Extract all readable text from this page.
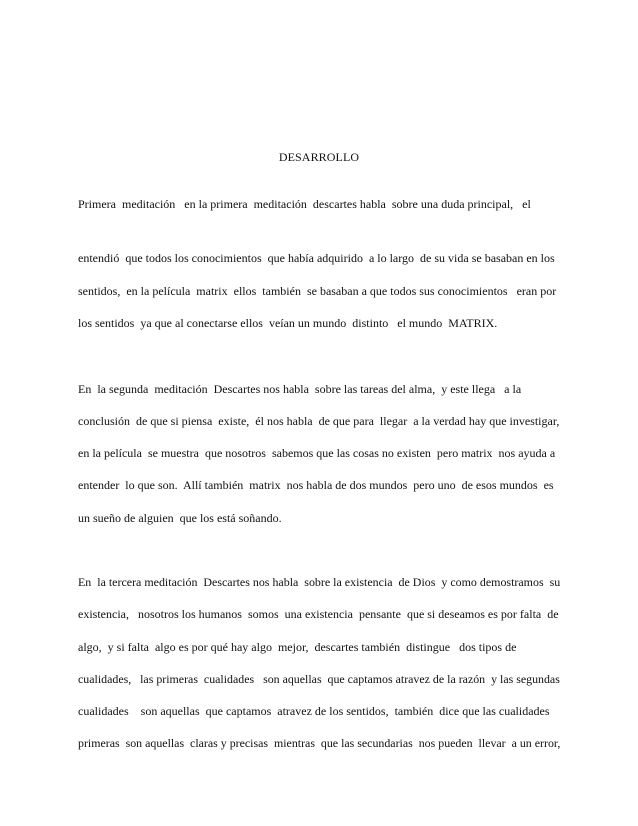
DESARROLLO
Primera  meditación   en la primera  meditación  descartes habla  sobre una duda principal,   el
entendió  que todos los conocimientos  que había adquirido  a lo largo  de su vida se basaban en los
sentidos,  en la película  matrix  ellos  también  se basaban a que todos sus conocimientos   eran por
los sentidos  ya que al conectarse ellos  veían un mundo  distinto   el mundo  MATRIX.
En  la segunda  meditación  Descartes nos habla  sobre las tareas del alma,  y este llega   a la
conclusión  de que si piensa  existe,  él nos habla  de que para  llegar  a la verdad hay que investigar,
en la película  se muestra  que nosotros  sabemos que las cosas no existen  pero matrix  nos ayuda a
entender  lo que son.  Allí también  matrix  nos habla de dos mundos  pero uno  de esos mundos  es
un sueño de alguien  que los está soñando.
En  la tercera meditación  Descartes nos habla  sobre la existencia  de Dios  y como demostramos  su
existencia,   nosotros los humanos  somos  una existencia  pensante  que si deseamos es por falta  de
algo,  y si falta  algo es por qué hay algo  mejor,  descartes también  distingue   dos tipos de
cualidades,   las primeras  cualidades   son aquellas  que captamos atravez de la razón  y las segundas
cualidades    son aquellas  que captamos  atravez de los sentidos,  también  dice que las cualidades
primeras  son aquellas  claras y precisas  mientras  que las secundarias  nos pueden  llevar  a un error,
